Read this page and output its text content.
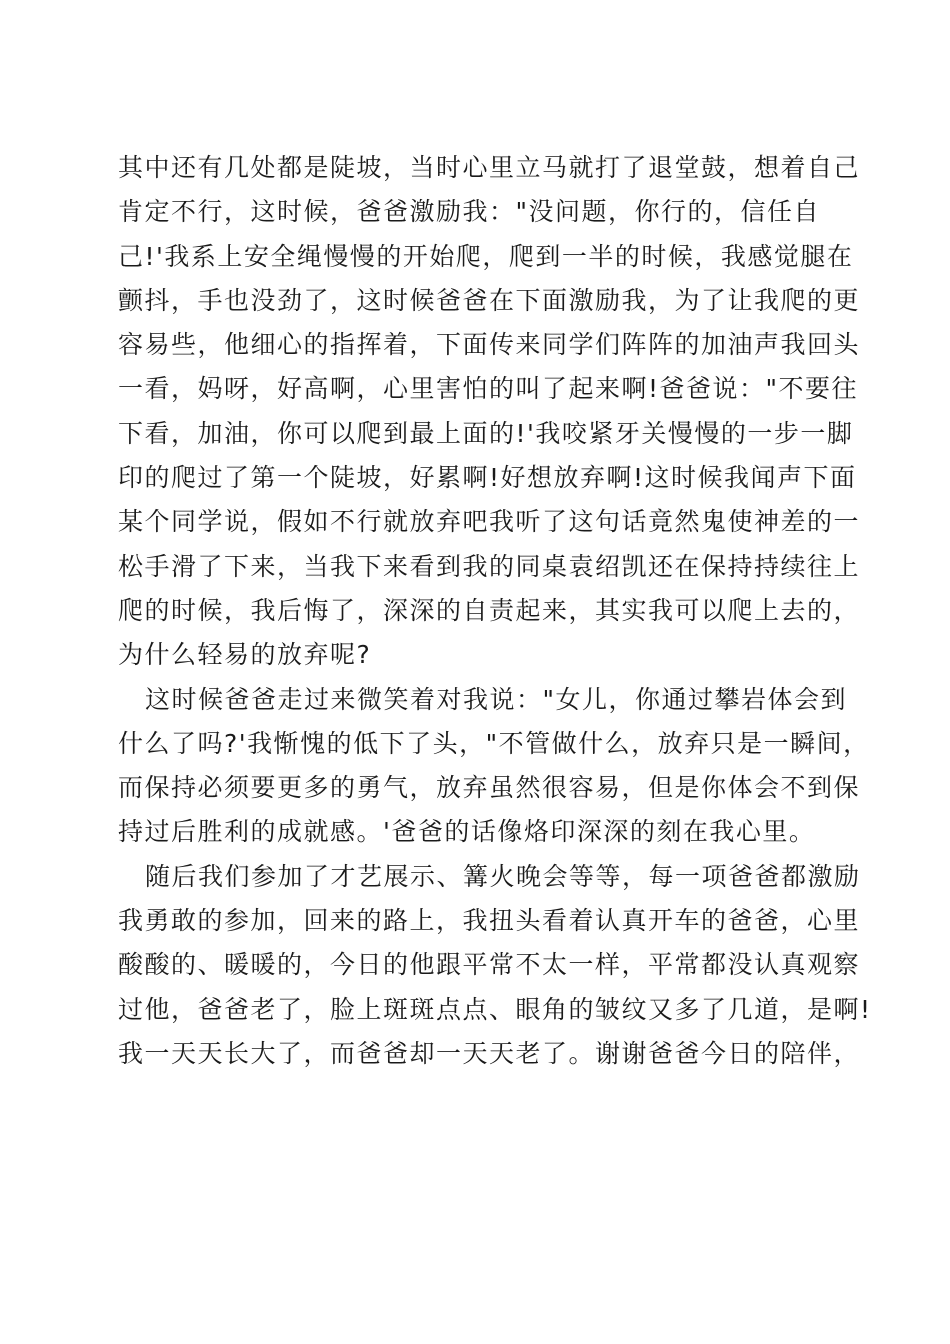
其中还有几处都是陡坡，当时心里立马就打了退堂鼓，想着自己
肯定不行，这时候，爸爸激励我："没问题，你行的，信任自
己!'我系上安全绳慢慢的开始爬，爬到一半的时候，我感觉腿在
颤抖，手也没劲了，这时候爸爸在下面激励我，为了让我爬的更
容易些，他细心的指挥着，下面传来同学们阵阵的加油声我回头
一看，妈呀，好高啊，心里害怕的叫了起来啊!爸爸说："不要往
下看，加油，你可以爬到最上面的!'我咬紧牙关慢慢的一步一脚
印的爬过了第一个陡坡，好累啊!好想放弃啊!这时候我闻声下面
某个同学说，假如不行就放弃吧我听了这句话竟然鬼使神差的一
松手滑了下来，当我下来看到我的同桌袁绍凯还在保持持续往上
爬的时候，我后悔了，深深的自责起来，其实我可以爬上去的，
为什么轻易的放弃呢?
这时候爸爸走过来微笑着对我说："女儿，你通过攀岩体会到
什么了吗?'我惭愧的低下了头，"不管做什么，放弃只是一瞬间，
而保持必须要更多的勇气，放弃虽然很容易，但是你体会不到保
持过后胜利的成就感。'爸爸的话像烙印深深的刻在我心里。
随后我们参加了才艺展示、篝火晚会等等，每一项爸爸都激励
我勇敢的参加，回来的路上，我扭头看着认真开车的爸爸，心里
酸酸的、暖暖的，今日的他跟平常不太一样，平常都没认真观察
过他，爸爸老了，脸上斑斑点点、眼角的皱纹又多了几道，是啊!
我一天天长大了，而爸爸却一天天老了。谢谢爸爸今日的陪伴，
